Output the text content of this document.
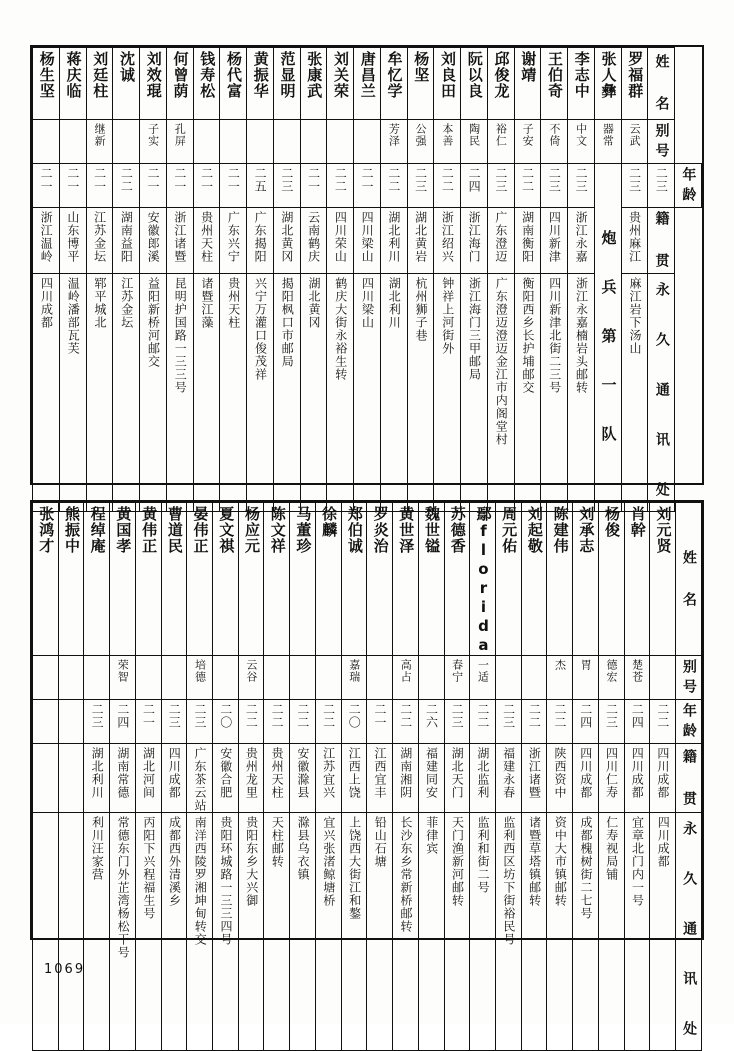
杨生坚	蒋庆临	刘廷柱	沈诚	刘效琨	何曾荫	钱寿松	杨代富	黄振华	范显明	张康武	刘关荣	唐昌兰	牟忆学	杨坚	刘良田	阮以良	邱俊龙	谢靖	王伯奇	李志中	张人彝	罗福群	姓 名	

		继新		子实	孔屏								芳泽	公强	本善	陶民	裕仁	子安	不倚	中文	器常	云武	别号	

二一	二一	二一	二二	二一	二一	二一	二一	二五	二三	二一	二二	二一	二二	二三	二二	二四	二三	二二	二三	二三	炮 兵 第 一 队	二三	二三	年龄

浙江温岭	山东博平	江苏金坛	湖南益阳	安徽郎溪	浙江诸暨	贵州天柱	广东兴宁	广东揭阳	湖北黄冈	云南鹤庆	四川荣山	四川梁山	湖北利川	湖北黄岩	浙江绍兴	浙江海门	广东澄迈	湖南衡阳	四川新津	浙江永嘉		贵州麻江	籍 贯	

四川成都	温岭潘部瓦芙	郓平城北	江苏金坛	益阳新桥河邮交	昆明护国路一三三号	诸暨江藻	贵州天柱	兴宁万灌口俊茂祥	揭阳枫口市邮局	湖北黄冈	鹤庆大街永裕生转	四川梁山	湖北利川	杭州狮子巷	钟祥上河街外	浙江海门三甲邮局	广东澄迈澄迈金江市内阁堂村	衡阳西乡长护埔邮交	四川新津北街二三号	浙江永嘉楠岩头邮转		麻江岩下汤山	永 久 通 讯 处	
张鸿才	熊振中	程绰庵	黄国孝	黄伟正	曹道民	晏伟正	夏文祺	杨应元	陈文祥	马董珍	徐麟	郑伯诚	罗炎治	黄世泽	魏世镒	苏德香	鄢florida	周元佑	刘起敬	陈建伟	刘承志	杨俊	肖幹	刘元贤	姓 名

			荣智			培德		云谷				嘉瑞		高占		春宁	一适			杰	胃	德宏	楚苍		别号

		二三	二四	二一	二三	二三	二〇	二二	二二	二二	二二	二〇	二一	二二	二六	二三	二二	二三	二二	二二	二四	二三	二四	二二	年龄

		湖北利川	湖南常德	湖北河间	四川成都	广东茶云站	安徽合肥	贵州龙里	贵州天柱	安徽滁县	江苏宜兴	江西上饶	江西宜丰	湖南湘阴	福建同安	湖北天门	湖北监利	福建永春	浙江诸暨	陕西资中	四川成都	四川仁寿	四川成都	四川成都	籍 贯

		利川汪家营	常德东门外芷湾杨松干号	丙阳下兴程福生号	成都西外清溪乡	南洋西陵罗湘坤甸转交	贵阳环城路一三三四号	贵阳东乡大兴御	天柱邮转	滁县乌衣镇	宜兴张渚鲸塘桥	上饶西大街江和鏊	铅山石塘	长沙东乡常新桥邮转	菲律宾	天门渔新河邮转	监利和街二号	监利西区坊下街裕民号	诸暨草塔镇邮转	资中大市镇邮转	成都槐树街二七号	仁寿视局铺	宜章北门内一号	四川成都	永 久 通 讯 处
1069
